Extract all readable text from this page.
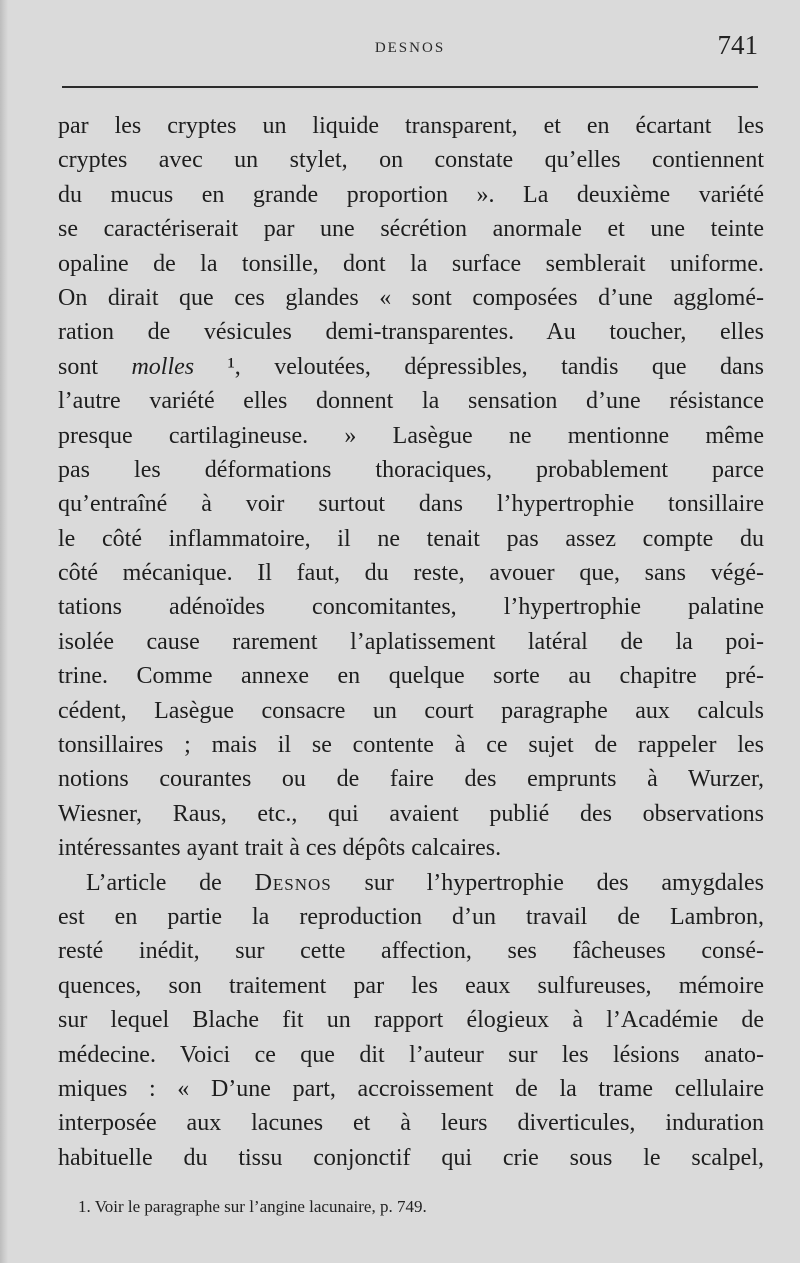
DESNOS	741
par les cryptes un liquide transparent, et en écartant les
cryptes avec un stylet, on constate qu’elles contiennent
du mucus en grande proportion ». La deuxième variété
se caractériserait par une sécrétion anormale et une teinte
opaline de la tonsille, dont la surface semblerait uniforme.
On dirait que ces glandes « sont composées d’une agglomé-
ration de vésicules demi-transparentes. Au toucher, elles
sont molles ¹, veloutées, dépressibles, tandis que dans
l’autre variété elles donnent la sensation d’une résistance
presque cartilagineuse. » Lasègue ne mentionne même
pas les déformations thoraciques, probablement parce
qu’entraîné à voir surtout dans l’hypertrophie tonsillaire
le côté inflammatoire, il ne tenait pas assez compte du
côté mécanique. Il faut, du reste, avouer que, sans végé-
tations adénoïdes concomitantes, l’hypertrophie palatine
isolée cause rarement l’aplatissement latéral de la poi-
trine. Comme annexe en quelque sorte au chapitre pré-
cédent, Lasègue consacre un court paragraphe aux calculs
tonsillaires ; mais il se contente à ce sujet de rappeler les
notions courantes ou de faire des emprunts à Wurzer,
Wiesner, Raus, etc., qui avaient publié des observations
intéressantes ayant trait à ces dépôts calcaires.
L’article de Desnos sur l’hypertrophie des amygdales
est en partie la reproduction d’un travail de Lambron,
resté inédit, sur cette affection, ses fâcheuses consé-
quences, son traitement par les eaux sulfureuses, mémoire
sur lequel Blache fit un rapport élogieux à l’Académie de
médecine. Voici ce que dit l’auteur sur les lésions anato-
miques : « D’une part, accroissement de la trame cellulaire
interposée aux lacunes et à leurs diverticules, induration
habituelle du tissu conjonctif qui crie sous le scalpel,
1. Voir le paragraphe sur l’angine lacunaire, p. 749.
